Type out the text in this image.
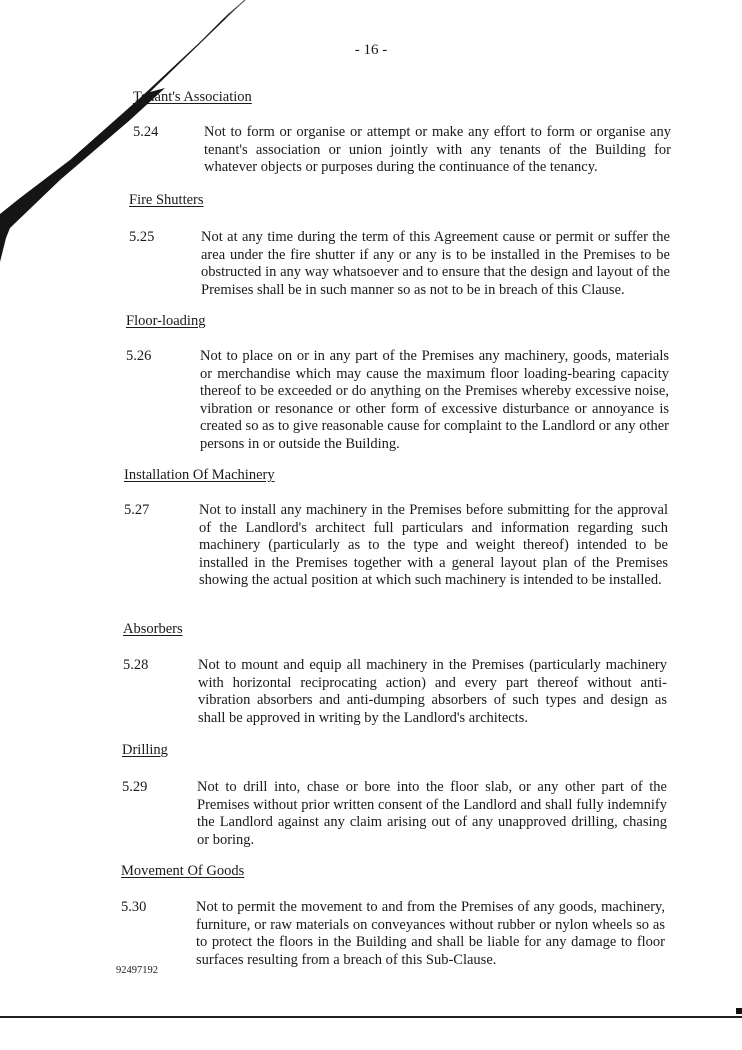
- 16 -
Tenant's Association
5.24	Not to form or organise or attempt or make any effort to form or organise any tenant's association or union jointly with any tenants of the Building for whatever objects or purposes during the continuance of the tenancy.
Fire Shutters
5.25	Not at any time during the term of this Agreement cause or permit or suffer the area under the fire shutter if any or any is to be installed in the Premises to be obstructed in any way whatsoever and to ensure that the design and layout of the Premises shall be in such manner so as not to be in breach of this Clause.
Floor-loading
5.26	Not to place on or in any part of the Premises any machinery, goods, materials or merchandise which may cause the maximum floor loading-bearing capacity thereof to be exceeded or do anything on the Premises whereby excessive noise, vibration or resonance or other form of excessive disturbance or annoyance is created so as to give reasonable cause for complaint to the Landlord or any other persons in or outside the Building.
Installation Of Machinery
5.27	Not to install any machinery in the Premises before submitting for the approval of the Landlord's architect full particulars and information regarding such machinery (particularly as to the type and weight thereof) intended to be installed in the Premises together with a general layout plan of the Premises showing the actual position at which such machinery is intended to be installed.
Absorbers
5.28	Not to mount and equip all machinery in the Premises (particularly machinery with horizontal reciprocating action) and every part thereof without anti-vibration absorbers and anti-dumping absorbers of such types and design as shall be approved in writing by the Landlord's architects.
Drilling
5.29	Not to drill into, chase or bore into the floor slab, or any other part of the Premises without prior written consent of the Landlord and shall fully indemnify the Landlord against any claim arising out of any unapproved drilling, chasing or boring.
Movement Of Goods
5.30	Not to permit the movement to and from the Premises of any goods, machinery, furniture, or raw materials on conveyances without rubber or nylon wheels so as to protect the floors in the Building and shall be liable for any damage to floor surfaces resulting from a breach of this Sub-Clause.
92497192
